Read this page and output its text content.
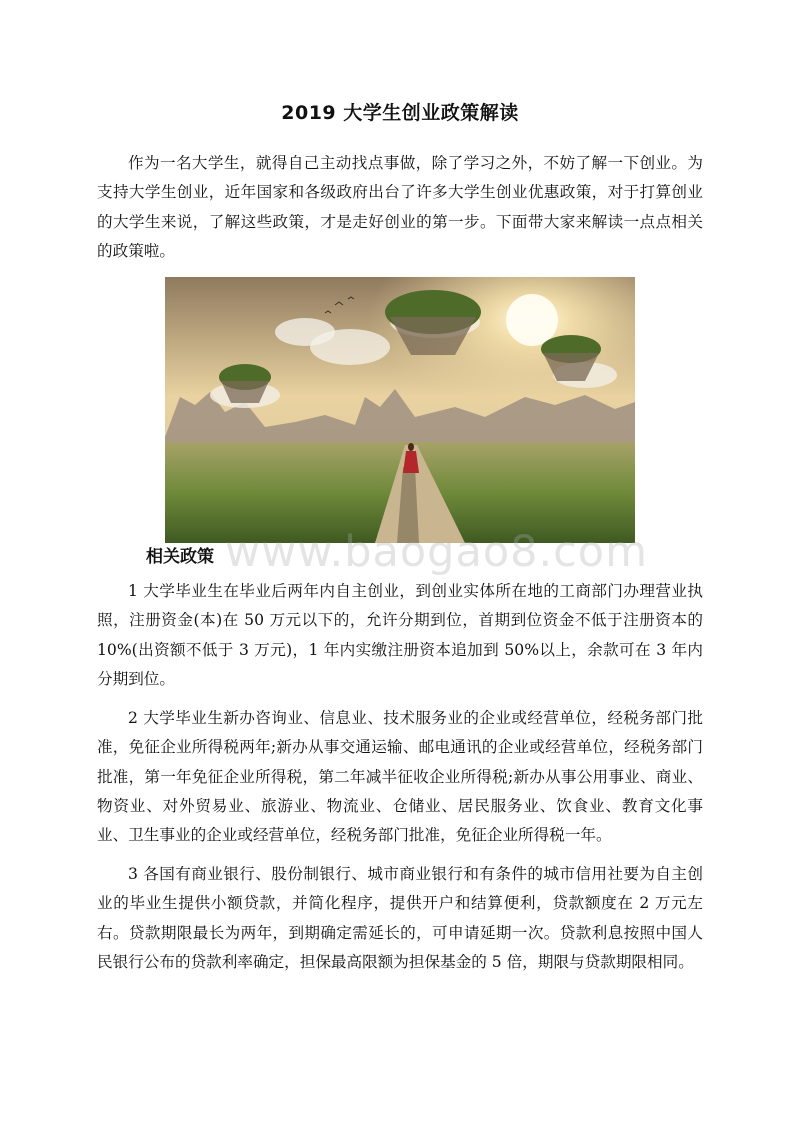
2019 大学生创业政策解读

作为一名大学生，就得自己主动找点事做，除了学习之外，不妨了解一下创业。为支持大学生创业，近年国家和各级政府出台了许多大学生创业优惠政策，对于打算创业的大学生来说，了解这些政策，才是走好创业的第一步。下面带大家来解读一点点相关的政策啦。

www.baogao8.com
相关政策

1 大学毕业生在毕业后两年内自主创业，到创业实体所在地的工商部门办理营业执照，注册资金(本)在 50 万元以下的，允许分期到位，首期到位资金不低于注册资本的 10%(出资额不低于 3 万元)，1 年内实缴注册资本追加到 50%以上，余款可在 3 年内分期到位。

2 大学毕业生新办咨询业、信息业、技术服务业的企业或经营单位，经税务部门批准，免征企业所得税两年;新办从事交通运输、邮电通讯的企业或经营单位，经税务部门批准，第一年免征企业所得税，第二年减半征收企业所得税;新办从事公用事业、商业、物资业、对外贸易业、旅游业、物流业、仓储业、居民服务业、饮食业、教育文化事业、卫生事业的企业或经营单位，经税务部门批准，免征企业所得税一年。

3 各国有商业银行、股份制银行、城市商业银行和有条件的城市信用社要为自主创业的毕业生提供小额贷款，并简化程序，提供开户和结算便利，贷款额度在 2 万元左右。贷款期限最长为两年，到期确定需延长的，可申请延期一次。贷款利息按照中国人民银行公布的贷款利率确定，担保最高限额为担保基金的 5 倍，期限与贷款期限相同。
